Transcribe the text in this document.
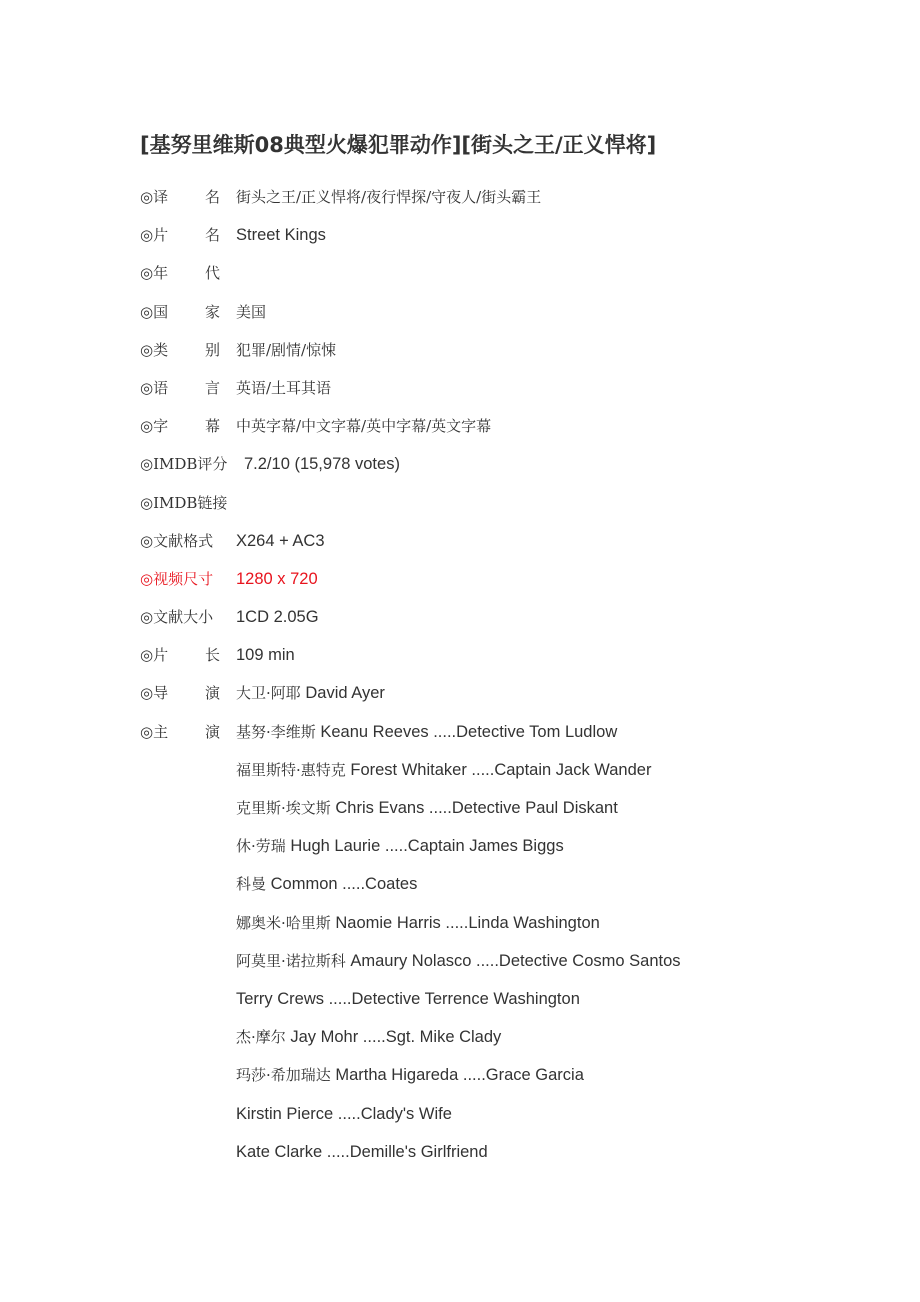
[基努里维斯08典型火爆犯罪动作][街头之王/正义悍将]
◎译 名 街头之王/正义悍将/夜行悍探/守夜人/街头霸王
◎片 名 Street Kings
◎年 代
◎国 家 美国
◎类 别 犯罪/剧情/惊悚
◎语 言 英语/土耳其语
◎字 幕 中英字幕/中文字幕/英中字幕/英文字幕
◎IMDB评分	7.2/10 (15,978 votes)
◎IMDB链接
◎文献格式	X264 + AC3
◎视频尺寸	1280 x 720
◎文献大小	1CD 2.05G
◎片 长 109 min
◎导 演 大卫·阿耶 David Ayer
◎主 演 基努·李维斯 Keanu Reeves .....Detective Tom Ludlow
福里斯特·惠特克 Forest Whitaker .....Captain Jack Wander
克里斯·埃文斯 Chris Evans .....Detective Paul Diskant
休·劳瑞 Hugh Laurie .....Captain James Biggs
科曼 Common .....Coates
娜奥米·哈里斯 Naomie Harris .....Linda Washington
阿莫里·诺拉斯科 Amaury Nolasco .....Detective Cosmo Santos
Terry Crews .....Detective Terrence Washington
杰·摩尔 Jay Mohr .....Sgt. Mike Clady
玛莎·希加瑞达 Martha Higareda .....Grace Garcia
Kirstin Pierce .....Clady's Wife
Kate Clarke .....Demille's Girlfriend
